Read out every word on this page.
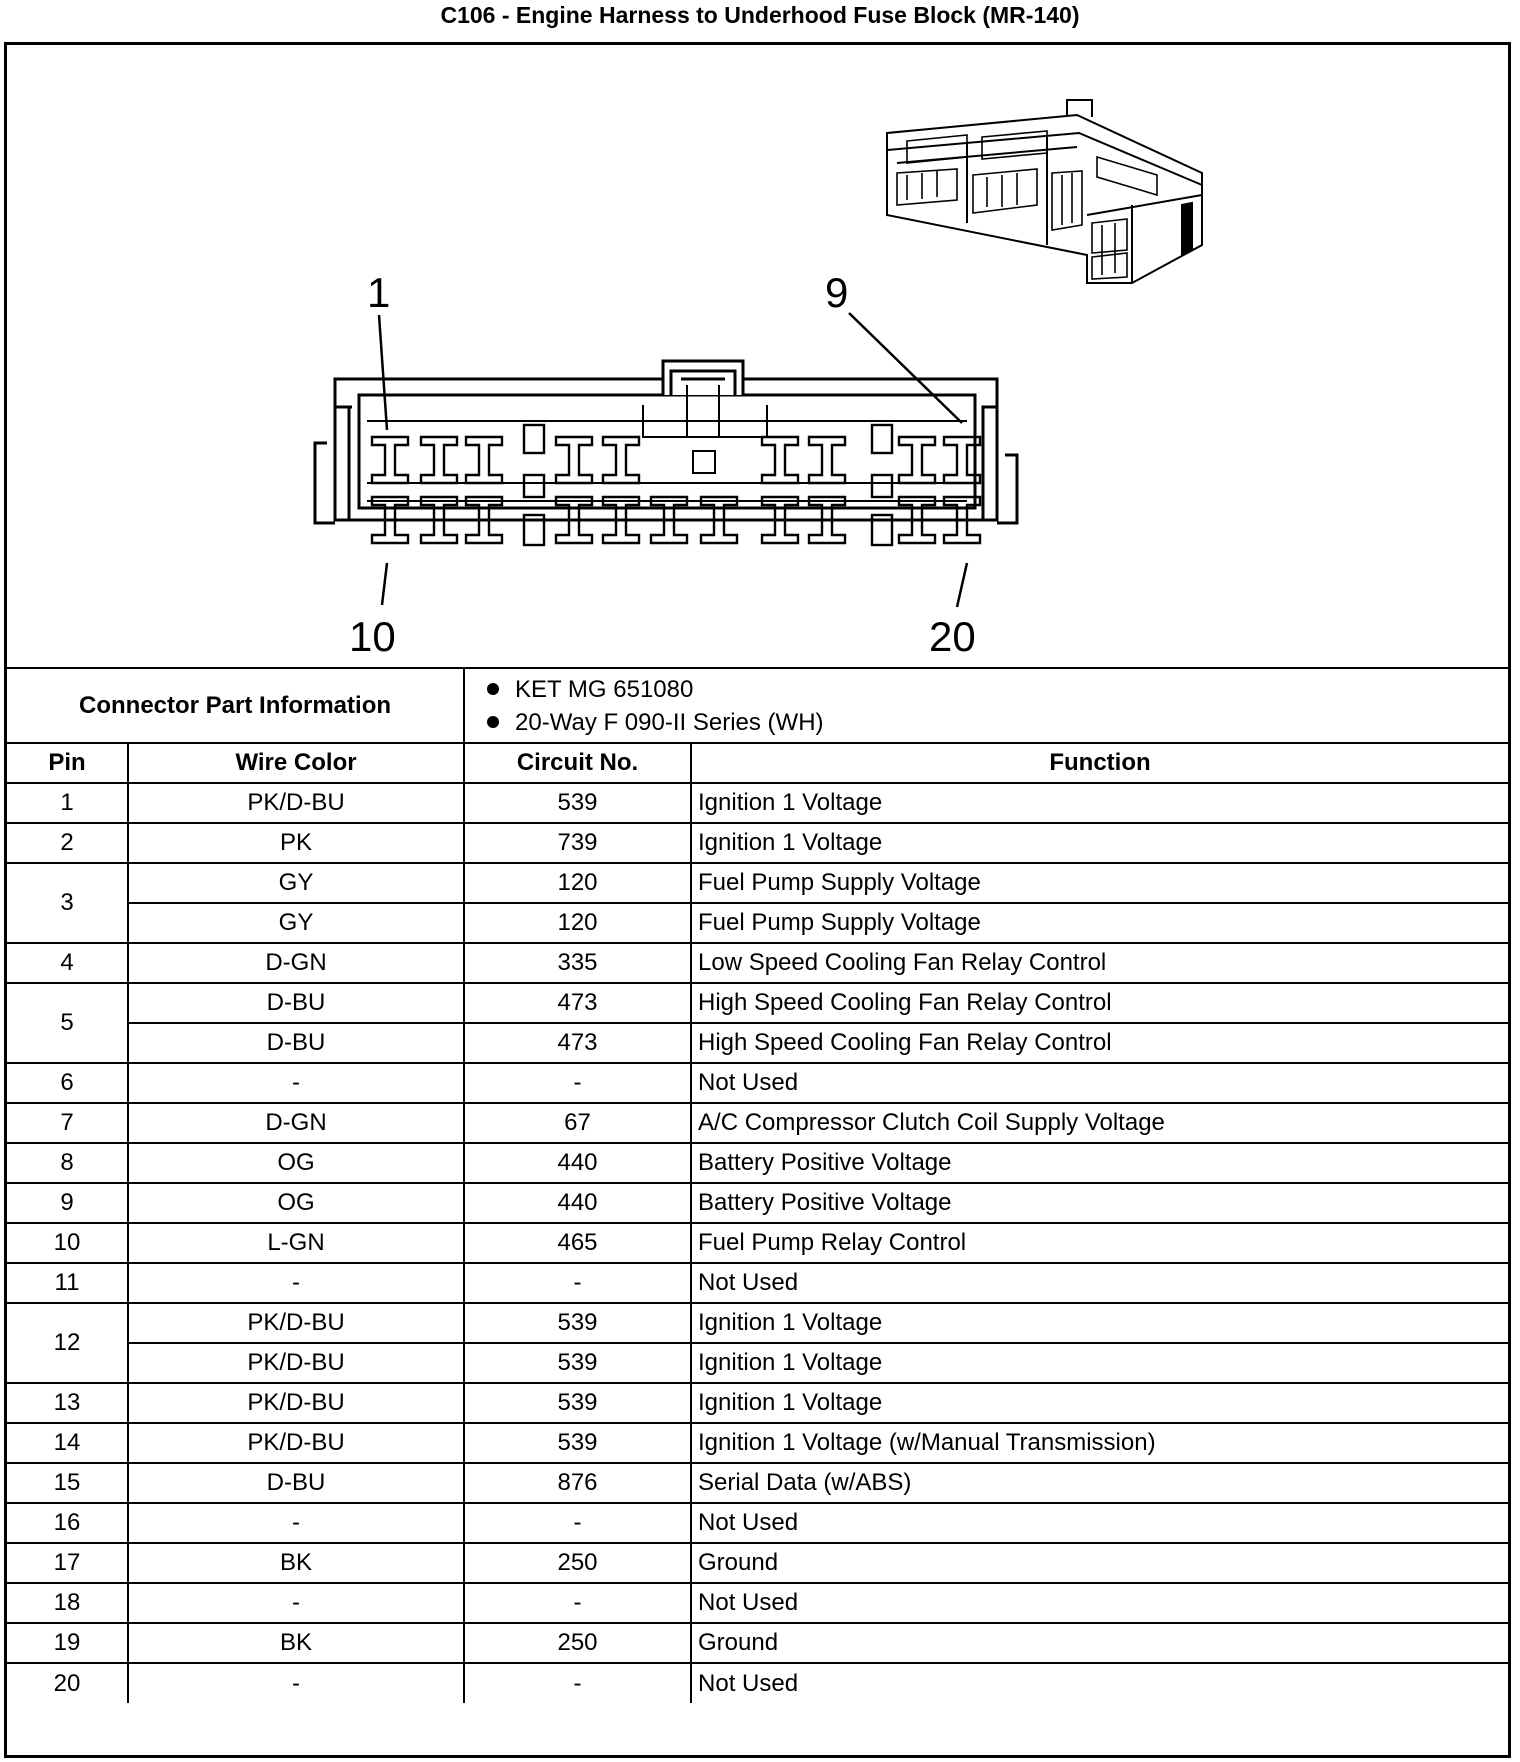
C106 - Engine Harness to Underhood Fuse Block (MR-140)
1	9
10	20
Connector Part Information		KET MG 651080
20-Way F 090-II Series (WH)	

Pin	Wire Color	Circuit No.	Function
1	PK/D-BU	539	Ignition 1 Voltage
2	PK	739	Ignition 1 Voltage
3	GY	120	Fuel Pump Supply Voltage
	GY	120	Fuel Pump Supply Voltage
4	D-GN	335	Low Speed Cooling Fan Relay Control
5	D-BU	473	High Speed Cooling Fan Relay Control
	D-BU	473	High Speed Cooling Fan Relay Control
6	-	-	Not Used
7	D-GN	67	A/C Compressor Clutch Coil Supply Voltage
8	OG	440	Battery Positive Voltage
9	OG	440	Battery Positive Voltage
10	L-GN	465	Fuel Pump Relay Control
11	-	-	Not Used
12	PK/D-BU	539	Ignition 1 Voltage
	PK/D-BU	539	Ignition 1 Voltage
13	PK/D-BU	539	Ignition 1 Voltage
14	PK/D-BU	539	Ignition 1 Voltage (w/Manual Transmission)
15	D-BU	876	Serial Data (w/ABS)
16	-	-	Not Used
17	BK	250	Ground
18	-	-	Not Used
19	BK	250	Ground
20	-	-	Not Used
